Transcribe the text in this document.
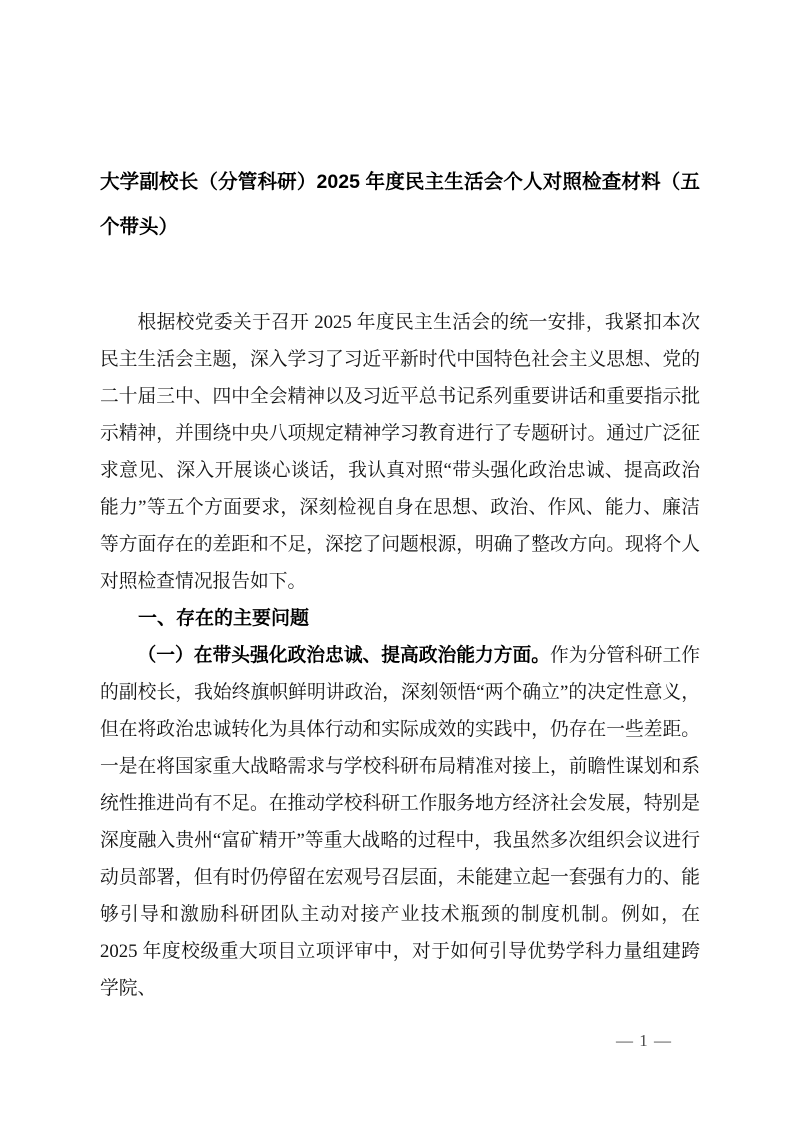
大学副校长（分管科研）2025 年度民主生活会个人对照检查材料（五个带头）

根据校党委关于召开 2025 年度民主生活会的统一安排，我紧扣本次民主生活会主题，深入学习了习近平新时代中国特色社会主义思想、党的二十届三中、四中全会精神以及习近平总书记系列重要讲话和重要指示批示精神，并围绕中央八项规定精神学习教育进行了专题研讨。通过广泛征求意见、深入开展谈心谈话，我认真对照“带头强化政治忠诚、提高政治能力”等五个方面要求，深刻检视自身在思想、政治、作风、能力、廉洁等方面存在的差距和不足，深挖了问题根源，明确了整改方向。现将个人对照检查情况报告如下。

一、存在的主要问题

（一）在带头强化政治忠诚、提高政治能力方面。作为分管科研工作的副校长，我始终旗帜鲜明讲政治，深刻领悟“两个确立”的决定性意义，但在将政治忠诚转化为具体行动和实际成效的实践中，仍存在一些差距。一是在将国家重大战略需求与学校科研布局精准对接上，前瞻性谋划和系统性推进尚有不足。在推动学校科研工作服务地方经济社会发展，特别是深度融入贵州“富矿精开”等重大战略的过程中，我虽然多次组织会议进行动员部署，但有时仍停留在宏观号召层面，未能建立起一套强有力的、能够引导和激励科研团队主动对接产业技术瓶颈的制度机制。例如，在 2025 年度校级重大项目立项评审中，对于如何引导优势学科力量组建跨学院、

— 1 —
